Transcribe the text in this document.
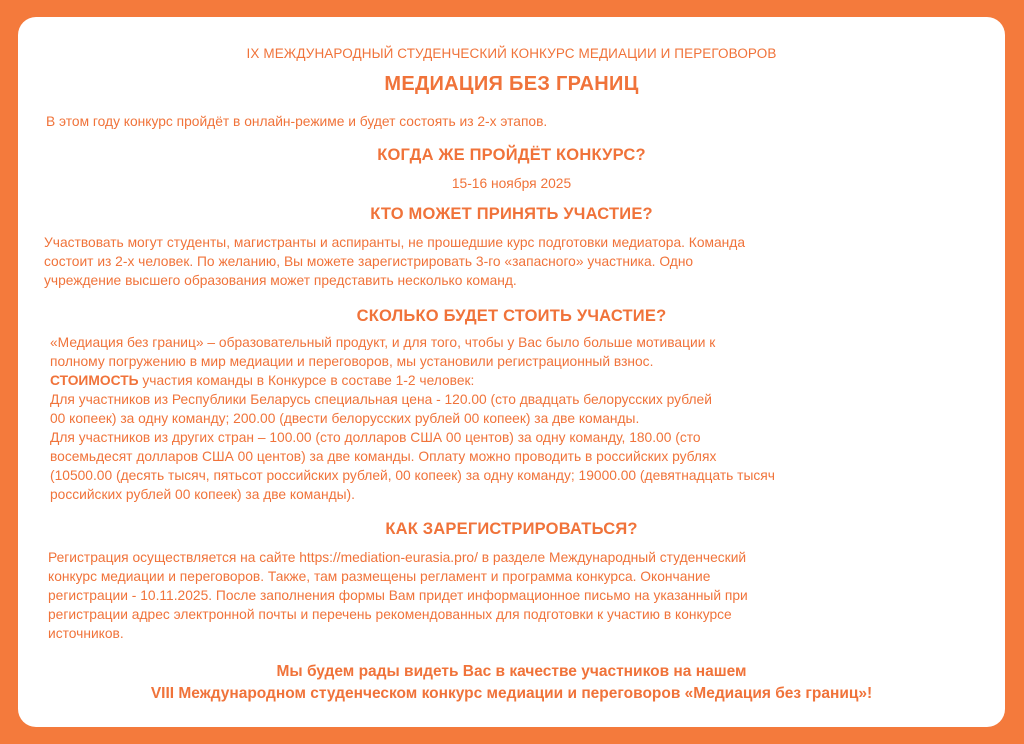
IX МЕЖДУНАРОДНЫЙ СТУДЕНЧЕСКИЙ КОНКУРС МЕДИАЦИИ И ПЕРЕГОВОРОВ
МЕДИАЦИЯ БЕЗ ГРАНИЦ
В этом году конкурс пройдёт в онлайн-режиме и будет состоять из 2-х этапов.
КОГДА ЖЕ ПРОЙДЁТ КОНКУРС?
15-16 ноября 2025
КТО МОЖЕТ ПРИНЯТЬ УЧАСТИЕ?
Участвовать могут студенты, магистранты и аспиранты, не прошедшие курс подготовки медиатора. Команда
состоит из 2-х человек. По желанию, Вы можете зарегистрировать 3-го «запасного» участника. Одно
учреждение высшего образования может представить несколько команд.
СКОЛЬКО БУДЕТ СТОИТЬ УЧАСТИЕ?
«Медиация без границ» – образовательный продукт, и для того, чтобы у Вас было больше мотивации к
полному погружению в мир медиации и переговоров, мы установили регистрационный взнос.
СТОИМОСТЬ участия команды в Конкурсе в составе 1-2 человек:
Для участников из Республики Беларусь специальная цена - 120.00 (сто двадцать белорусских рублей
00 копеек) за одну команду; 200.00 (двести белорусских рублей 00 копеек) за две команды.
Для участников из других стран – 100.00 (сто долларов США 00 центов) за одну команду, 180.00 (сто
восемьдесят долларов США 00 центов) за две команды. Оплату можно проводить в российских рублях
(10500.00 (десять тысяч, пятьсот российских рублей, 00 копеек) за одну команду; 19000.00 (девятнадцать тысяч
российских рублей 00 копеек) за две команды).
КАК ЗАРЕГИСТРИРОВАТЬСЯ?
Регистрация осуществляется на сайте https://mediation-eurasia.pro/ в разделе Международный студенческий
конкурс медиации и переговоров. Также, там размещены регламент и программа конкурса. Окончание
регистрации - 10.11.2025. После заполнения формы Вам придет информационное письмо на указанный при
регистрации адрес электронной почты и перечень рекомендованных для подготовки к участию в конкурсе
источников.
Мы будем рады видеть Вас в качестве участников на нашем
VIII Международном студенческом конкурс медиации и переговоров «Медиация без границ»!
